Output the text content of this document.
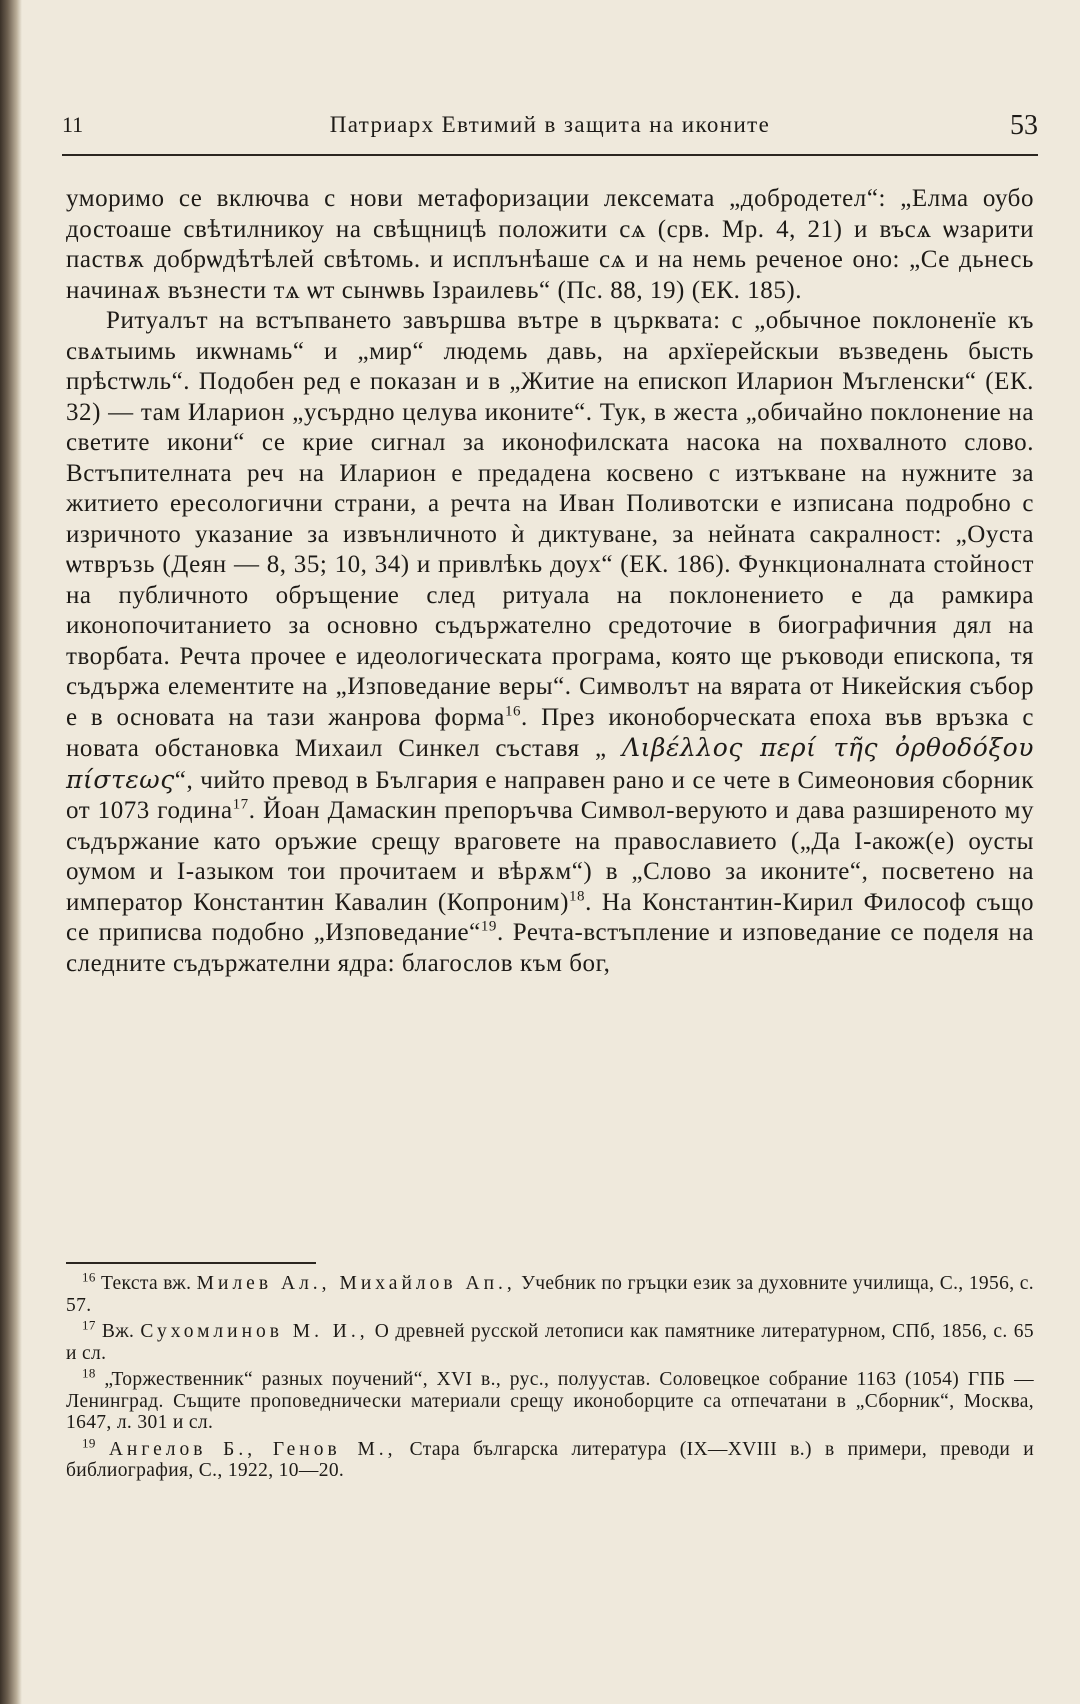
11	Патриарх Евтимий в защита на иконите	53

уморимо се включва с нови метафоризации лексемата „добродетел“: „Елма оубо достоаше свѣтилникоу на свѣщницѣ положити сѧ (срв. Мр. 4, 21) и въсѧ ѡзарити паствѫ добрѡдѣтѣлей свѣтомь. и исплънѣаше сѧ и на немь реченое оно: „Се дьнесь начинаѫ възнести тѧ ѡт сынѡвь Ізраилевь“ (Пс. 88, 19) (ЕК. 185).

Ритуалът на встъпването завършва вътре в църквата: с „обычное поклоненїе къ свѧтыимь икѡнамь“ и „мир“ людемь давь, на архїерейскыи възведень бысть прѣстѡль“. Подобен ред е показан и в „Житие на епископ Иларион Мъгленски“ (ЕК. 32) — там Иларион „усърдно целува иконите“. Тук, в жеста „обичайно поклонение на светите икони“ се крие сигнал за иконофилската насока на похвалното слово. Встъпителната реч на Иларион е предадена косвено с изтъкване на нужните за житието ересологични страни, а речта на Иван Поливотски е изписана подробно с изричното указание за извънличното ѝ диктуване, за нейната сакралност: „Оуста ѡтвръзь (Деян — 8, 35; 10, 34) и привлѣкь доух“ (ЕК. 186). Функционалната стойност на публичното обръщение след ритуала на поклонението е да рамкира иконопочитанието за основно съдържателно средоточие в биографичния дял на творбата. Речта прочее е идеологическата програма, която ще ръководи епископа, тя съдържа елементите на „Изповедание веры“. Символът на вярата от Никейския събор е в основата на тази жанрова форма$^{16}$. През иконоборческата епоха във връзка с новата обстановка Михаил Синкел съставя „ Λιβέλλος περί τῆς ὀρθοδόξου πίστεως“, чийто превод в България е направен рано и се чете в Симеоновия сборник от 1073 година$^{17}$. Йоан Дамаскин препоръчва Символ-веруюто и дава разширеното му съдържание като оръжие срещу враговете на православието („Да І-акож(е) оусты оумом и І-азыком тои прочитаем и вѣрѫм“) в „Слово за иконите“, посветено на император Константин Кавалин (Копроним)$^{18}$. На Константин-Кирил Философ също се приписва подобно „Изповедание“$^{19}$. Речта-встъпление и изповедание се поделя на следните съдържателни ядра: благослов към бог,

$^{16}$ Текста вж. Милев Ал., Михайлов Ап., Учебник по гръцки език за духовните училища, С., 1956, с. 57.

$^{17}$ Вж. Сухомлинов М. И., О древней русской летописи как памятнике литературном, СПб, 1856, с. 65 и сл.

$^{18}$ „Торжественник“ разных поучений“, XVI в., рус., полуустав. Соловецкое собрание 1163 (1054) ГПБ — Ленинград. Същите проповеднически материали срещу иконоборците са отпечатани в „Сборник“, Москва, 1647, л. 301 и сл.

$^{19}$ Ангелов Б., Генов М., Стара българска литература (IX—XVIII в.) в примери, преводи и библиография, С., 1922, 10—20.
